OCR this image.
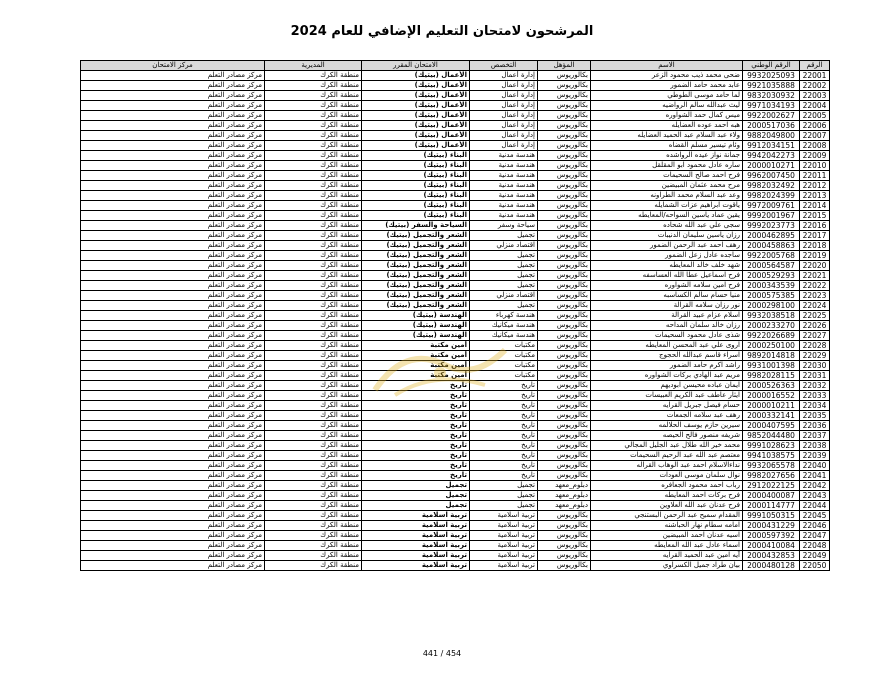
المرشحون لامتحان التعليم الإضافي للعام 2024
الرقم	الرقم الوطني	الاسم	المؤهل	التخصص	الامتحان المقرر	المديرية	مركز الامتحان
22001	9932025093	ضحى محمد ذيب محمود الزعر	بكالوريوس	إدارة أعمال	الأعمال (بيتيك)	منطقة الكرك	مركز مصادر التعلم
22002	9921035888	عابد محمد حامد الضمور	بكالوريوس	إدارة أعمال	الأعمال (بيتيك)	منطقة الكرك	مركز مصادر التعلم
22003	9832030932	لما حامد موسى الطوطي	بكالوريوس	إدارة أعمال	الأعمال (بيتيك)	منطقة الكرك	مركز مصادر التعلم
22004	9971034193	ليث عبدالله سالم الرواضيه	بكالوريوس	إدارة أعمال	الأعمال (بيتيك)	منطقة الكرك	مركز مصادر التعلم
22005	9922002627	ميس كمال حمد الشواوره	بكالوريوس	إدارة أعمال	الأعمال (بيتيك)	منطقة الكرك	مركز مصادر التعلم
22006	2000517036	هبه احمد عوده العضايله	بكالوريوس	إدارة أعمال	الأعمال (بيتيك)	منطقة الكرك	مركز مصادر التعلم
22007	9882049800	ولاء عبد السلام عبد الحميد العضايله	بكالوريوس	إدارة أعمال	الأعمال (بيتيك)	منطقة الكرك	مركز مصادر التعلم
22008	9912034151	وئام تيسير مسلم القضاه	بكالوريوس	إدارة أعمال	الأعمال (بيتيك)	منطقة الكرك	مركز مصادر التعلم
22009	9942042273	جمانة نواز عيده الرواشده	بكالوريوس	هندسة مدنية	البناء (بيتيك)	منطقة الكرك	مركز مصادر التعلم
22010	2000010271	ساره عادل محمود ابو المقلقل	بكالوريوس	هندسة مدنية	البناء (بيتيك)	منطقة الكرك	مركز مصادر التعلم
22011	9962007450	فرح احمد صالح السحيمات	بكالوريوس	هندسة مدنية	البناء (بيتيك)	منطقة الكرك	مركز مصادر التعلم
22012	9982032492	مرح محمد عثمان المبيضين	بكالوريوس	هندسة مدنية	البناء (بيتيك)	منطقة الكرك	مركز مصادر التعلم
22013	9982024399	وعد عبد السلام محمد الطراونه	بكالوريوس	هندسة مدنية	البناء (بيتيك)	منطقة الكرك	مركز مصادر التعلم
22014	9972009761	ياقوت ابراهيم عزات الشمايله	بكالوريوس	هندسة مدنية	البناء (بيتيك)	منطقة الكرك	مركز مصادر التعلم
22015	9992001967	يقين عماد ياسين السواحه/المعايطه	بكالوريوس	هندسة مدنية	البناء (بيتيك)	منطقة الكرك	مركز مصادر التعلم
22016	9992023773	سجى علي عبد الله شحاده	بكالوريوس	سياحة وسفر	السياحة والسفر (بيتيك)	منطقة الكرك	مركز مصادر التعلم
22017	2000462895	رزان ياسين سليمان الدنيبات	بكالوريوس	تجميل	الشعر والتجميل (بيتيك)	منطقة الكرك	مركز مصادر التعلم
22018	2000458863	رهف احمد عبد الرحمن الضمور	بكالوريوس	اقتصاد منزلي	الشعر والتجميل (بيتيك)	منطقة الكرك	مركز مصادر التعلم
22019	9922005768	ساجده عادل زعل الضمور	بكالوريوس	تجميل	الشعر والتجميل (بيتيك)	منطقة الكرك	مركز مصادر التعلم
22020	2000564587	شهد خلف خالد المعايطه	بكالوريوس	تجميل	الشعر والتجميل (بيتيك)	منطقة الكرك	مركز مصادر التعلم
22021	2000529293	فرح اسماعيل عطا الله العساسفه	بكالوريوس	تجميل	الشعر والتجميل (بيتيك)	منطقة الكرك	مركز مصادر التعلم
22022	2000343539	فرح امين سلامه الشواوره	بكالوريوس	تجميل	الشعر والتجميل (بيتيك)	منطقة الكرك	مركز مصادر التعلم
22023	2000575385	منيا حسام سالم الكساسبه	بكالوريوس	اقتصاد منزلي	الشعر والتجميل (بيتيك)	منطقة الكرك	مركز مصادر التعلم
22024	2000298100	نور رزان سلامه القرالة	بكالوريوس	تجميل	الشعر والتجميل (بيتيك)	منطقة الكرك	مركز مصادر التعلم
22025	9932038518	اسلام عزام عبيد القرالة	بكالوريوس	هندسة كهرباء	الهندسة (بيتيك)	منطقة الكرك	مركز مصادر التعلم
22026	2000233270	رزان خالد سلمان المداحه	بكالوريوس	هندسة ميكانيك	الهندسة (بيتيك)	منطقة الكرك	مركز مصادر التعلم
22027	9922026689	شذى عادل محمود السحيمات	بكالوريوس	هندسة ميكانيك	الهندسة (بيتيك)	منطقة الكرك	مركز مصادر التعلم
22028	2000250100	اروى علي عبد المحسن المعايطه	بكالوريوس	مكتبات	أمين مكتبة	منطقة الكرك	مركز مصادر التعلم
22029	9892014818	اسراء قاسم عبدالله الحجوج	بكالوريوس	مكتبات	أمين مكتبة	منطقة الكرك	مركز مصادر التعلم
22030	9931001398	راشد اكرم حامد الضمور	بكالوريوس	مكتبات	أمين مكتبة	منطقة الكرك	مركز مصادر التعلم
22031	9982028115	مريم عبد الهادي بركات الشواوره	بكالوريوس	مكتبات	أمين مكتبة	منطقة الكرك	مركز مصادر التعلم
22032	2000526363	ايمان عباده محيسن ابوديهم	بكالوريوس	تاريخ	تاريخ	منطقة الكرك	مركز مصادر التعلم
22033	2000016552	ايثار عاطف عبد الكريم العبيسات	بكالوريوس	تاريخ	تاريخ	منطقة الكرك	مركز مصادر التعلم
22034	2000010211	حسام فيصل جبريل القرايه	بكالوريوس	تاريخ	تاريخ	منطقة الكرك	مركز مصادر التعلم
22035	2000332141	رهف عبد سلامه الجمعات	بكالوريوس	تاريخ	تاريخ	منطقة الكرك	مركز مصادر التعلم
22036	2000407595	سيرين حازم يوسف الحلالمه	بكالوريوس	تاريخ	تاريخ	منطقة الكرك	مركز مصادر التعلم
22037	9852044480	شريفه منصور فالح الحيصه	بكالوريوس	تاريخ	تاريخ	منطقة الكرك	مركز مصادر التعلم
22038	9991028623	محمد خير الله طلال عبد الجليل المجالي	بكالوريوس	تاريخ	تاريخ	منطقة الكرك	مركز مصادر التعلم
22039	9941038575	معتصم عبد الله عبد الرحيم السحيمات	بكالوريوس	تاريخ	تاريخ	منطقة الكرك	مركز مصادر التعلم
22040	9932065578	نداءالاسلام احمد عبد الوهاب القراله	بكالوريوس	تاريخ	تاريخ	منطقة الكرك	مركز مصادر التعلم
22041	9982027656	نوال سلمان موسى العودات	بكالوريوس	تاريخ	تاريخ	منطقة الكرك	مركز مصادر التعلم
22042	2912022125	رباب احمد محمود الجعافره	دبلوم_معهد	تجميل	تجميل	منطقة الكرك	مركز مصادر التعلم
22043	2000400087	فرح بركات احمد المعايطه	دبلوم_معهد	تجميل	تجميل	منطقة الكرك	مركز مصادر التعلم
22044	2000114777	فرح عدنان عبد الله العلاوين	دبلوم_معهد	تجميل	تجميل	منطقة الكرك	مركز مصادر التعلم
22045	9991050315	المقدام سميح عبد الرحمن البستنجي	بكالوريوس	تربية اسلامية	تربية اسلامية	منطقة الكرك	مركز مصادر التعلم
22046	2000431229	امامه سطام نهار الحباشنه	بكالوريوس	تربية اسلامية	تربية اسلامية	منطقة الكرك	مركز مصادر التعلم
22047	2000597392	اسيه عدنان احمد المبيضين	بكالوريوس	تربية اسلامية	تربية اسلامية	منطقة الكرك	مركز مصادر التعلم
22048	2000410084	اسماء عادل عبد الله المعايطه	بكالوريوس	تربية اسلامية	تربية اسلامية	منطقة الكرك	مركز مصادر التعلم
22049	2000432853	آيه امين عبد الحميد القرايه	بكالوريوس	تربية اسلامية	تربية اسلامية	منطقة الكرك	مركز مصادر التعلم
22050	2000480128	بيان طراد جميل الكسراوي	بكالوريوس	تربية اسلامية	تربية اسلامية	منطقة الكرك	مركز مصادر التعلم
441 / 454
